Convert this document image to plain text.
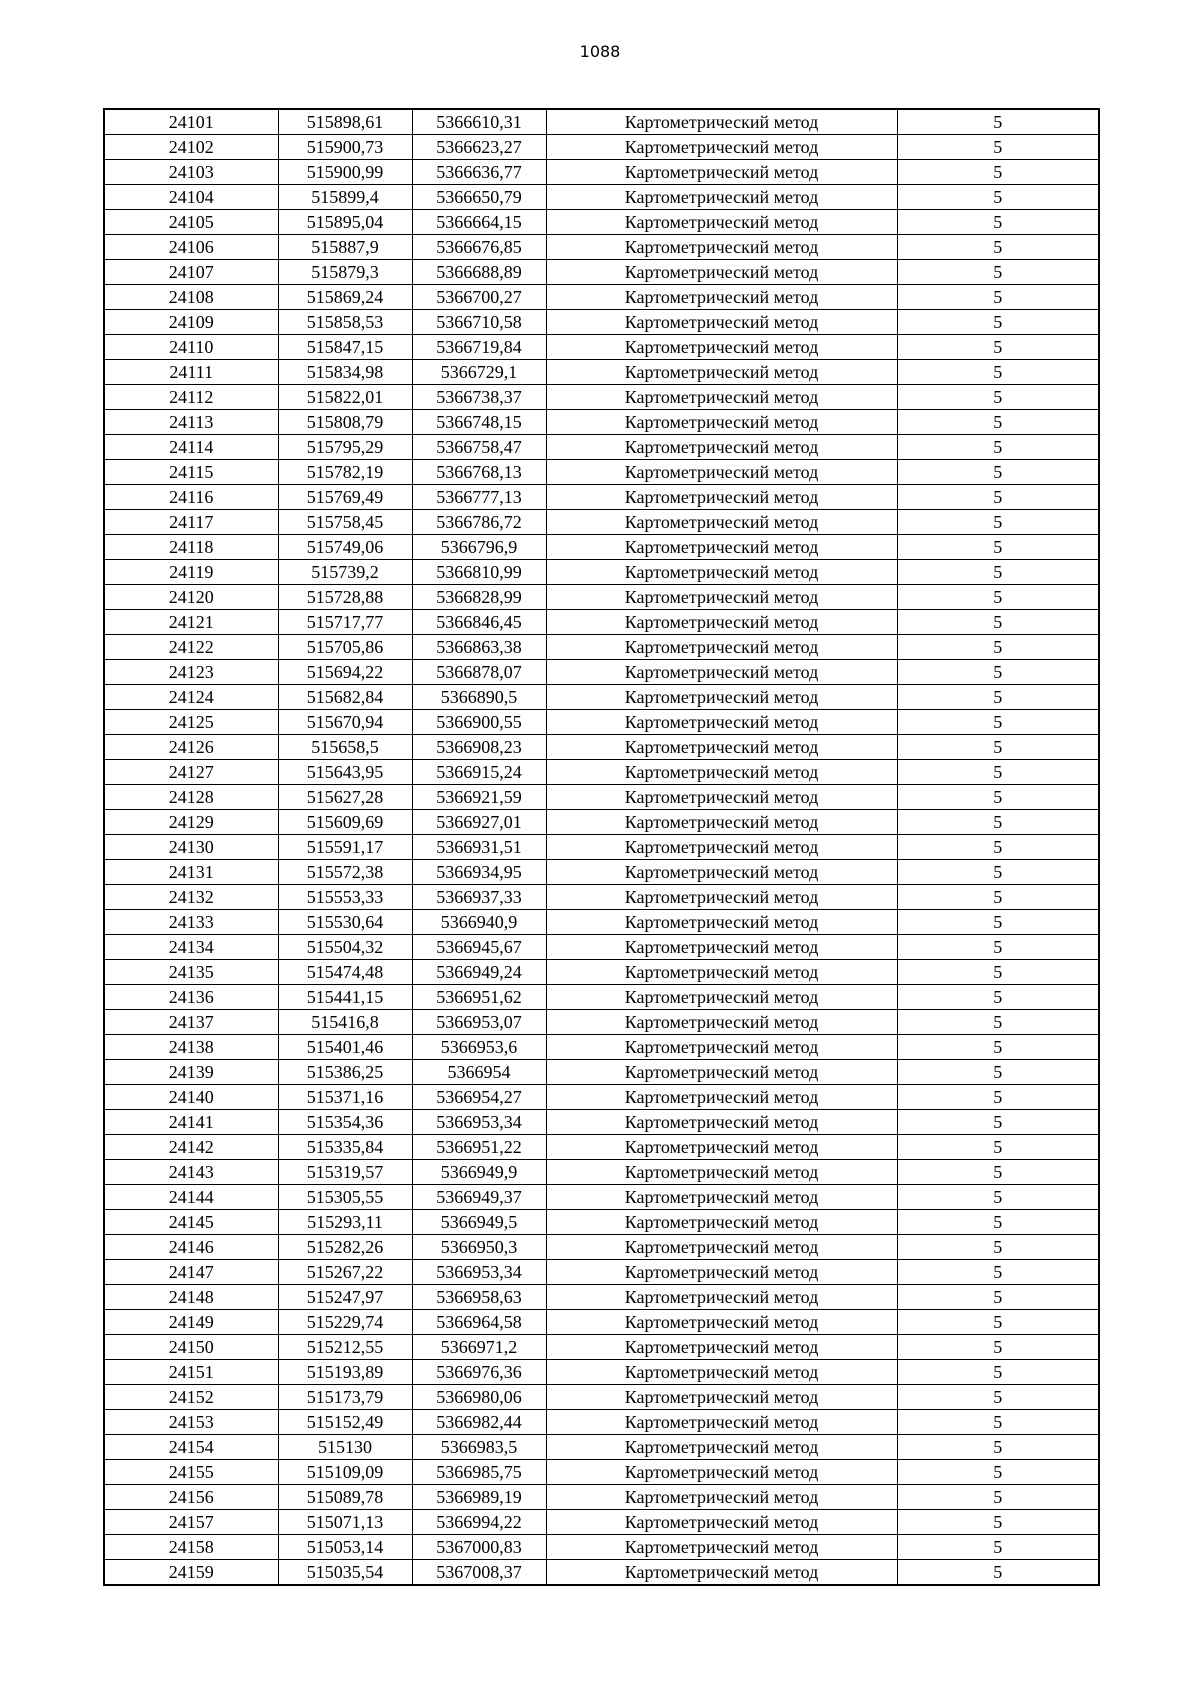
1088
24101	515898,61	5366610,31	Картометрический метод	5
24102	515900,73	5366623,27	Картометрический метод	5
24103	515900,99	5366636,77	Картометрический метод	5
24104	515899,4	5366650,79	Картометрический метод	5
24105	515895,04	5366664,15	Картометрический метод	5
24106	515887,9	5366676,85	Картометрический метод	5
24107	515879,3	5366688,89	Картометрический метод	5
24108	515869,24	5366700,27	Картометрический метод	5
24109	515858,53	5366710,58	Картометрический метод	5
24110	515847,15	5366719,84	Картометрический метод	5
24111	515834,98	5366729,1	Картометрический метод	5
24112	515822,01	5366738,37	Картометрический метод	5
24113	515808,79	5366748,15	Картометрический метод	5
24114	515795,29	5366758,47	Картометрический метод	5
24115	515782,19	5366768,13	Картометрический метод	5
24116	515769,49	5366777,13	Картометрический метод	5
24117	515758,45	5366786,72	Картометрический метод	5
24118	515749,06	5366796,9	Картометрический метод	5
24119	515739,2	5366810,99	Картометрический метод	5
24120	515728,88	5366828,99	Картометрический метод	5
24121	515717,77	5366846,45	Картометрический метод	5
24122	515705,86	5366863,38	Картометрический метод	5
24123	515694,22	5366878,07	Картометрический метод	5
24124	515682,84	5366890,5	Картометрический метод	5
24125	515670,94	5366900,55	Картометрический метод	5
24126	515658,5	5366908,23	Картометрический метод	5
24127	515643,95	5366915,24	Картометрический метод	5
24128	515627,28	5366921,59	Картометрический метод	5
24129	515609,69	5366927,01	Картометрический метод	5
24130	515591,17	5366931,51	Картометрический метод	5
24131	515572,38	5366934,95	Картометрический метод	5
24132	515553,33	5366937,33	Картометрический метод	5
24133	515530,64	5366940,9	Картометрический метод	5
24134	515504,32	5366945,67	Картометрический метод	5
24135	515474,48	5366949,24	Картометрический метод	5
24136	515441,15	5366951,62	Картометрический метод	5
24137	515416,8	5366953,07	Картометрический метод	5
24138	515401,46	5366953,6	Картометрический метод	5
24139	515386,25	5366954	Картометрический метод	5
24140	515371,16	5366954,27	Картометрический метод	5
24141	515354,36	5366953,34	Картометрический метод	5
24142	515335,84	5366951,22	Картометрический метод	5
24143	515319,57	5366949,9	Картометрический метод	5
24144	515305,55	5366949,37	Картометрический метод	5
24145	515293,11	5366949,5	Картометрический метод	5
24146	515282,26	5366950,3	Картометрический метод	5
24147	515267,22	5366953,34	Картометрический метод	5
24148	515247,97	5366958,63	Картометрический метод	5
24149	515229,74	5366964,58	Картометрический метод	5
24150	515212,55	5366971,2	Картометрический метод	5
24151	515193,89	5366976,36	Картометрический метод	5
24152	515173,79	5366980,06	Картометрический метод	5
24153	515152,49	5366982,44	Картометрический метод	5
24154	515130	5366983,5	Картометрический метод	5
24155	515109,09	5366985,75	Картометрический метод	5
24156	515089,78	5366989,19	Картометрический метод	5
24157	515071,13	5366994,22	Картометрический метод	5
24158	515053,14	5367000,83	Картометрический метод	5
24159	515035,54	5367008,37	Картометрический метод	5
